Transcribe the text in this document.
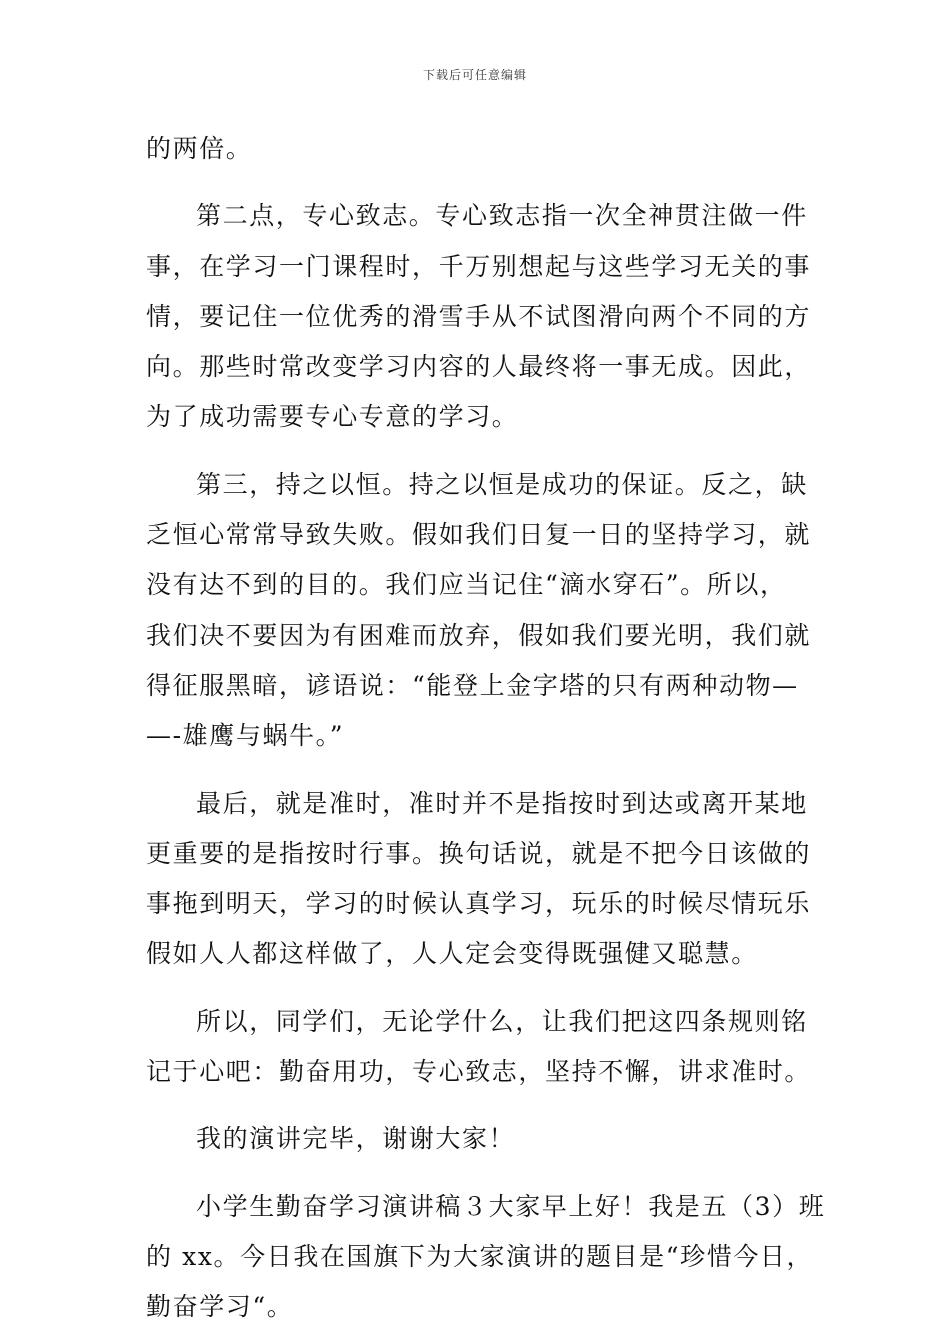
下载后可任意编辑
的两倍。
第二点，专心致志。专心致志指一次全神贯注做一件
事，在学习一门课程时，千万别想起与这些学习无关的事
情，要记住一位优秀的滑雪手从不试图滑向两个不同的方
向。那些时常改变学习内容的人最终将一事无成。因此，
为了成功需要专心专意的学习。
第三，持之以恒。持之以恒是成功的保证。反之，缺
乏恒心常常导致失败。假如我们日复一日的坚持学习，就
没有达不到的目的。我们应当记住“滴水穿石”。所以，
我们决不要因为有困难而放弃，假如我们要光明，我们就
得征服黑暗，谚语说：“能登上金字塔的只有两种动物—
—-雄鹰与蜗牛。”
最后，就是准时，准时并不是指按时到达或离开某地
更重要的是指按时行事。换句话说，就是不把今日该做的
事拖到明天，学习的时候认真学习，玩乐的时候尽情玩乐
假如人人都这样做了，人人定会变得既强健又聪慧。
所以，同学们，无论学什么，让我们把这四条规则铭
记于心吧：勤奋用功，专心致志，坚持不懈，讲求准时。
我的演讲完毕，谢谢大家！
小学生勤奋学习演讲稿３大家早上好！我是五（3）班
的 xx。今日我在国旗下为大家演讲的题目是“珍惜今日，
勤奋学习“。
